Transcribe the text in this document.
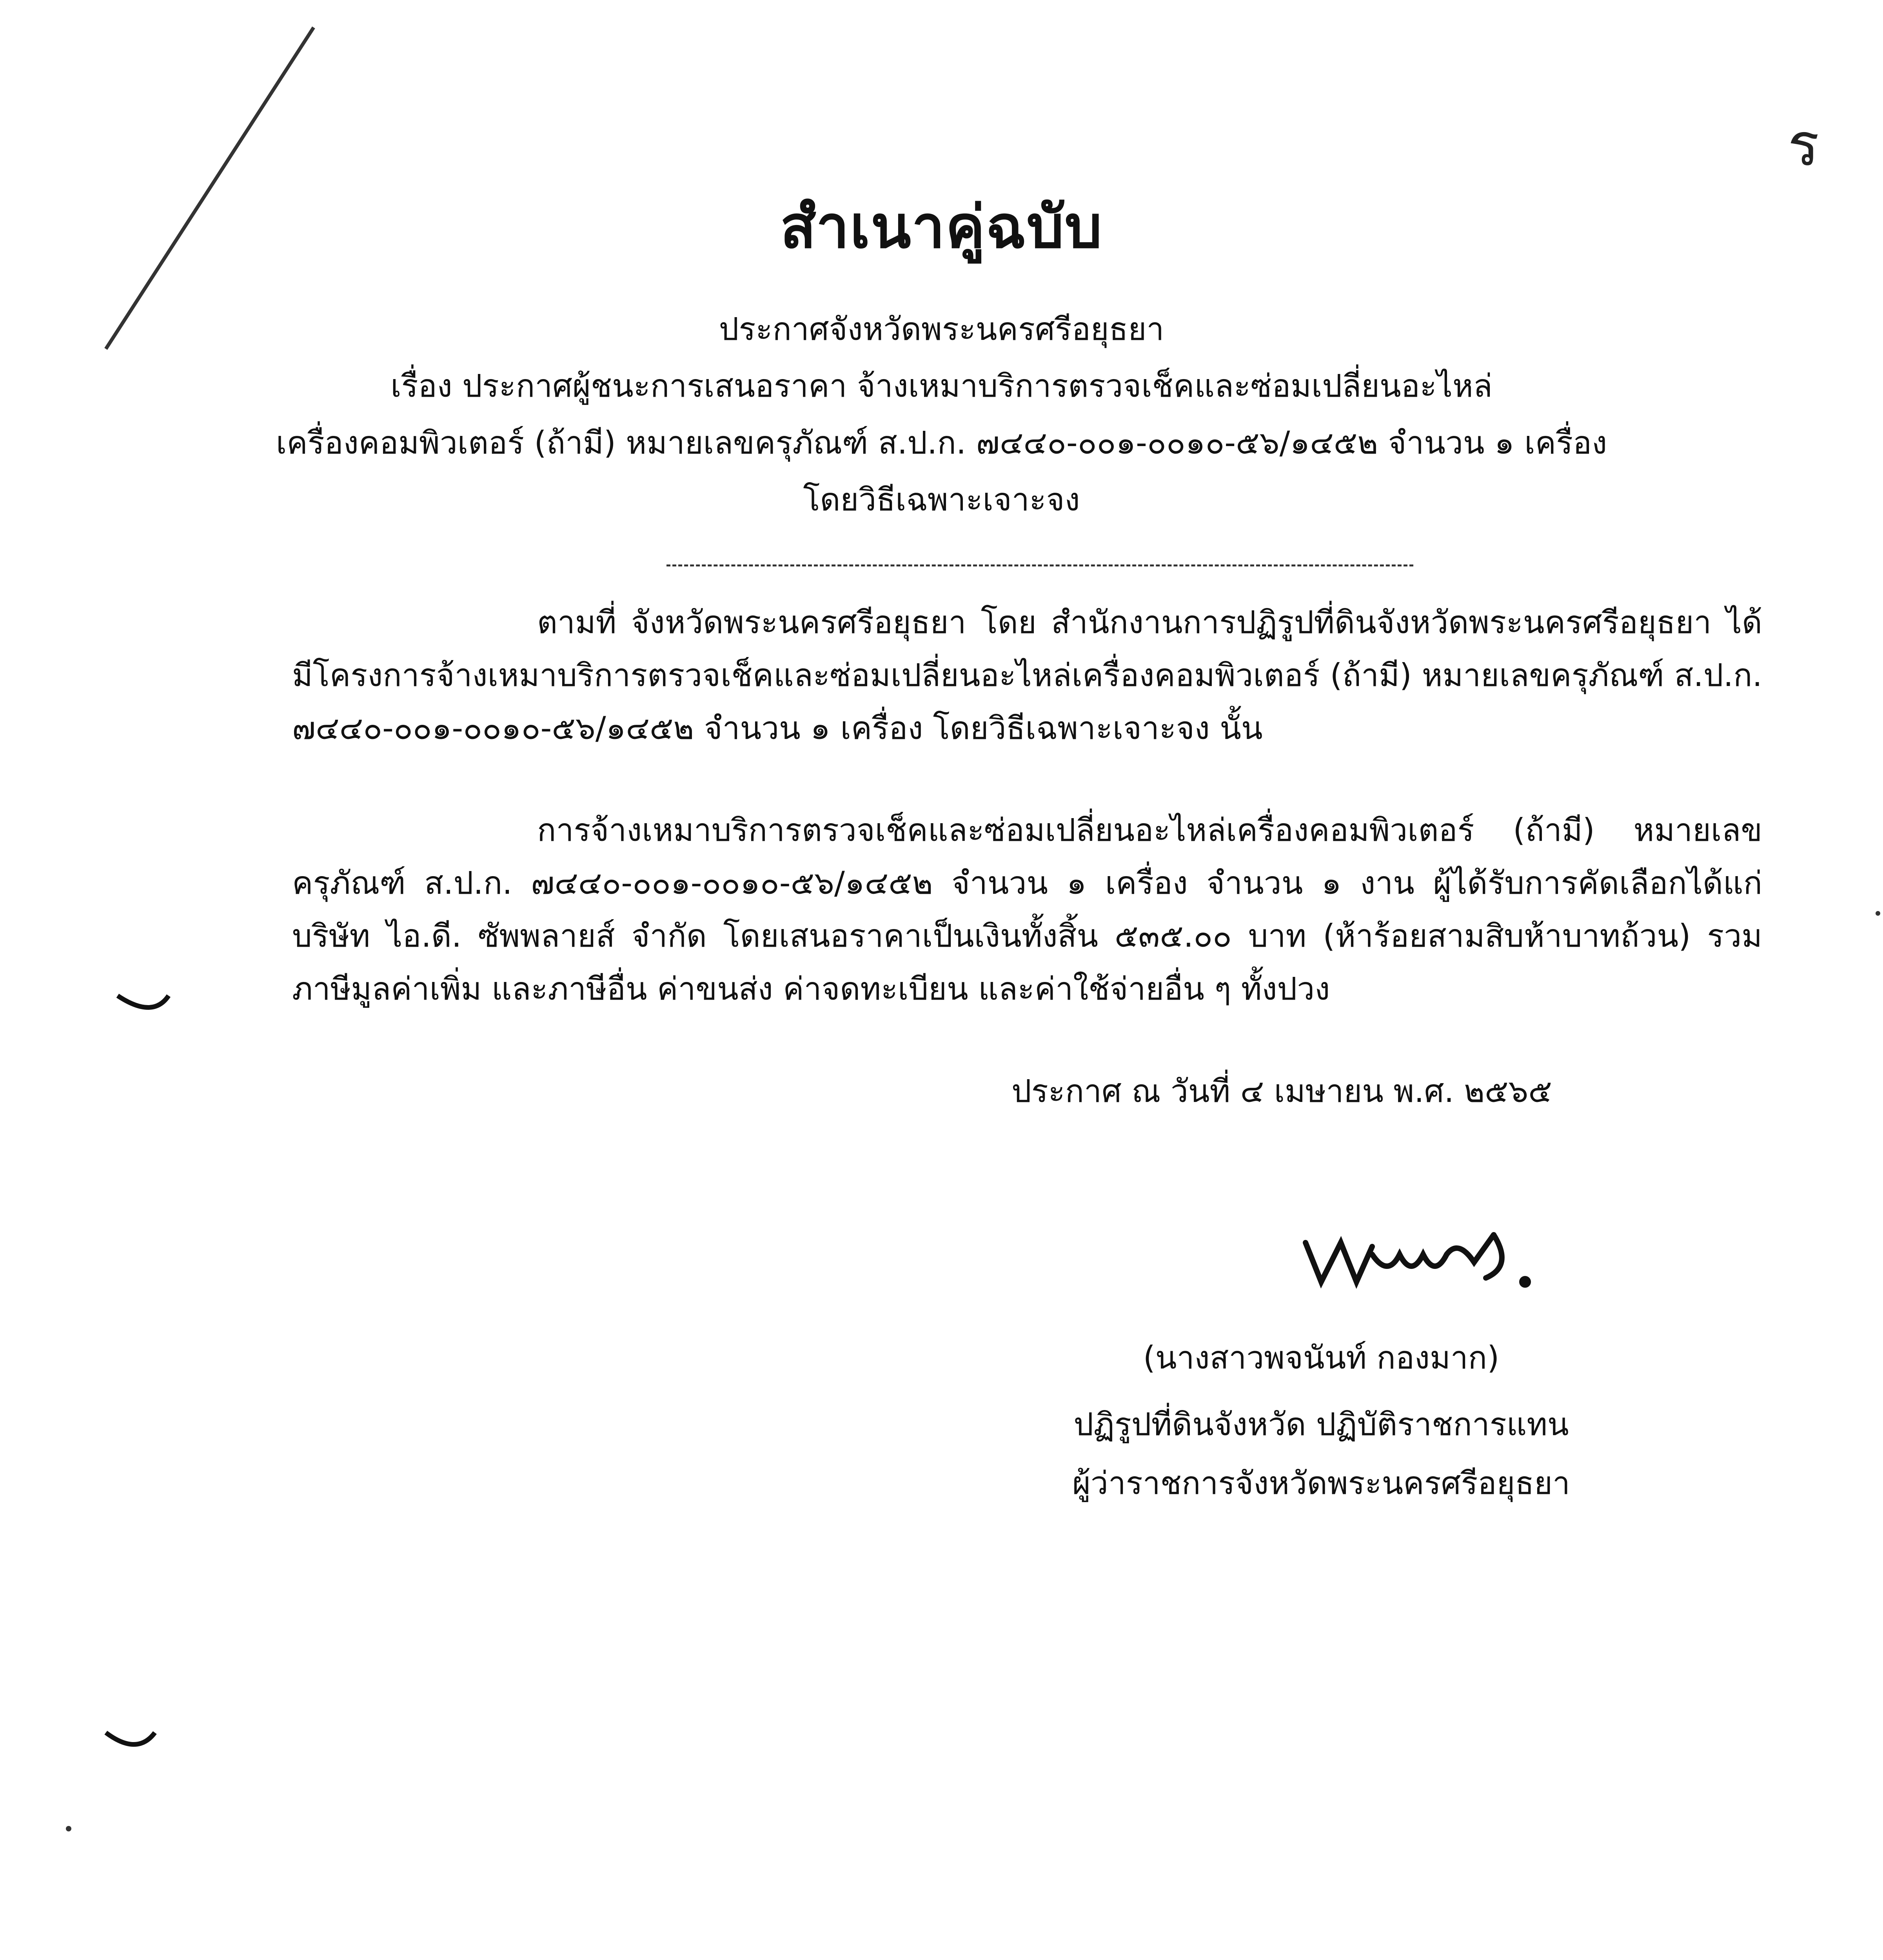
ร
สำเนาคู่ฉบับ
ประกาศจังหวัดพระนครศรีอยุธยา
เรื่อง ประกาศผู้ชนะการเสนอราคา จ้างเหมาบริการตรวจเช็คและซ่อมเปลี่ยนอะไหล่
เครื่องคอมพิวเตอร์ (ถ้ามี) หมายเลขครุภัณฑ์ ส.ป.ก. ๗๔๔๐-๐๐๑-๐๐๑๐-๕๖/๑๔๕๒ จำนวน ๑ เครื่อง
โดยวิธีเฉพาะเจาะจง

ตามที่ จังหวัดพระนครศรีอยุธยา โดย สำนักงานการปฏิรูปที่ดินจังหวัดพระนครศรีอยุธยา ได้มีโครงการจ้างเหมาบริการตรวจเช็คและซ่อมเปลี่ยนอะไหล่เครื่องคอมพิวเตอร์ (ถ้ามี) หมายเลขครุภัณฑ์ ส.ป.ก. ๗๔๔๐-๐๐๑-๐๐๑๐-๕๖/๑๔๕๒ จำนวน ๑ เครื่อง โดยวิธีเฉพาะเจาะจง นั้น

การจ้างเหมาบริการตรวจเช็คและซ่อมเปลี่ยนอะไหล่เครื่องคอมพิวเตอร์ (ถ้ามี) หมายเลขครุภัณฑ์ ส.ป.ก. ๗๔๔๐-๐๐๑-๐๐๑๐-๕๖/๑๔๕๒ จำนวน ๑ เครื่อง จำนวน ๑ งาน ผู้ได้รับการคัดเลือกได้แก่ บริษัท ไอ.ดี. ซัพพลายส์ จำกัด โดยเสนอราคาเป็นเงินทั้งสิ้น ๕๓๕.๐๐ บาท (ห้าร้อยสามสิบห้าบาทถ้วน) รวมภาษีมูลค่าเพิ่ม และภาษีอื่น ค่าขนส่ง ค่าจดทะเบียน และค่าใช้จ่ายอื่น ๆ ทั้งปวง

ประกาศ ณ วันที่ ๔ เมษายน พ.ศ. ๒๕๖๕
(นางสาวพจนันท์ กองมาก)
ปฏิรูปที่ดินจังหวัด ปฏิบัติราชการแทน
ผู้ว่าราชการจังหวัดพระนครศรีอยุธยา
